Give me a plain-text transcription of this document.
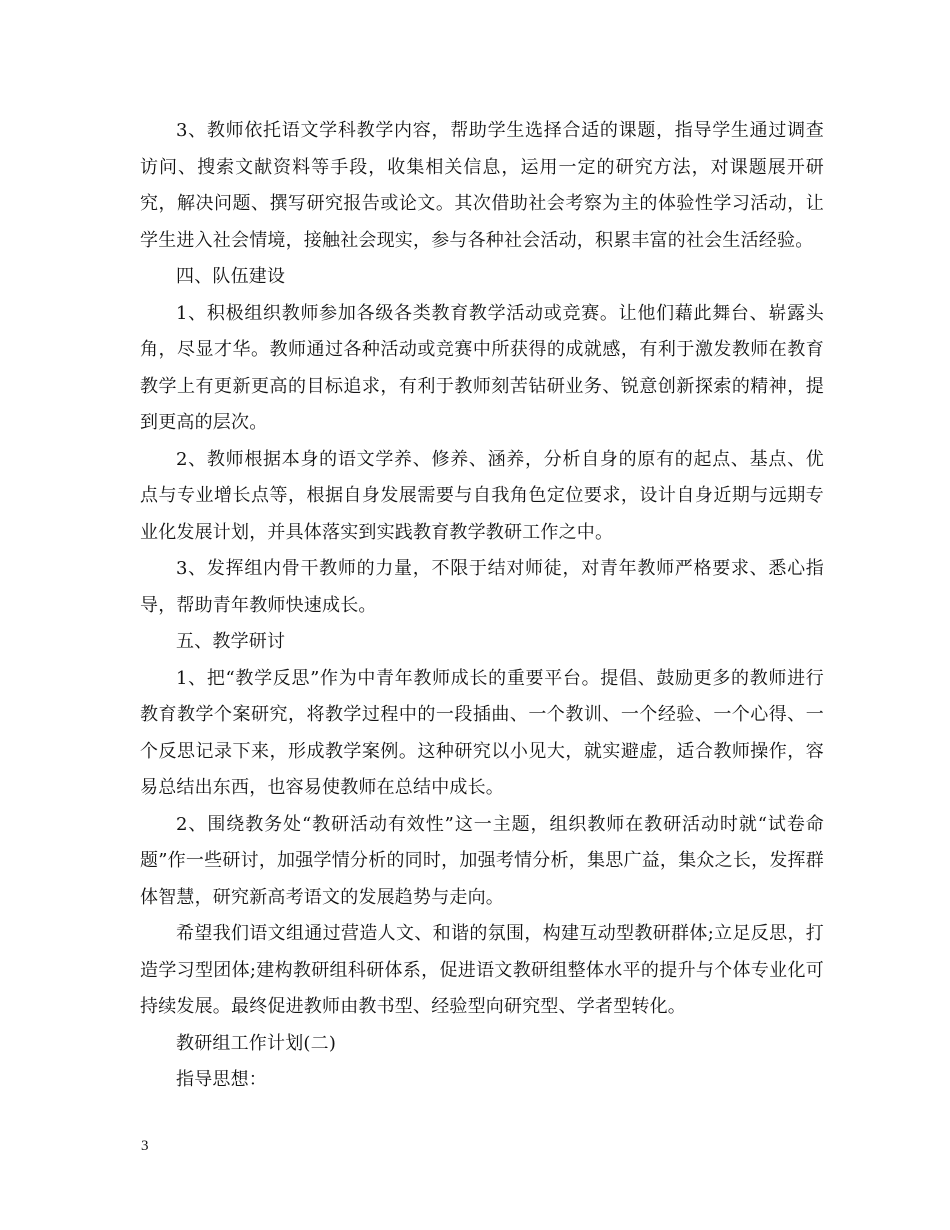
3、教师依托语文学科教学内容，帮助学生选择合适的课题，指导学生通过调查访问、搜索文献资料等手段，收集相关信息，运用一定的研究方法，对课题展开研究，解决问题、撰写研究报告或论文。其次借助社会考察为主的体验性学习活动，让学生进入社会情境，接触社会现实，参与各种社会活动，积累丰富的社会生活经验。

四、队伍建设

1、积极组织教师参加各级各类教育教学活动或竞赛。让他们藉此舞台、崭露头角，尽显才华。教师通过各种活动或竞赛中所获得的成就感，有利于激发教师在教育教学上有更新更高的目标追求，有利于教师刻苦钻研业务、锐意创新探索的精神，提到更高的层次。

2、教师根据本身的语文学养、修养、涵养，分析自身的原有的起点、基点、优点与专业增长点等，根据自身发展需要与自我角色定位要求，设计自身近期与远期专业化发展计划，并具体落实到实践教育教学教研工作之中。

3、发挥组内骨干教师的力量，不限于结对师徒，对青年教师严格要求、悉心指导，帮助青年教师快速成长。

五、教学研讨

1、把“教学反思”作为中青年教师成长的重要平台。提倡、鼓励更多的教师进行教育教学个案研究，将教学过程中的一段插曲、一个教训、一个经验、一个心得、一个反思记录下来，形成教学案例。这种研究以小见大，就实避虚，适合教师操作，容易总结出东西，也容易使教师在总结中成长。

2、围绕教务处“教研活动有效性”这一主题，组织教师在教研活动时就“试卷命题”作一些研讨，加强学情分析的同时，加强考情分析，集思广益，集众之长，发挥群体智慧，研究新高考语文的发展趋势与走向。

希望我们语文组通过营造人文、和谐的氛围，构建互动型教研群体;立足反思，打造学习型团体;建构教研组科研体系，促进语文教研组整体水平的提升与个体专业化可持续发展。最终促进教师由教书型、经验型向研究型、学者型转化。

教研组工作计划(二)

指导思想：

3
